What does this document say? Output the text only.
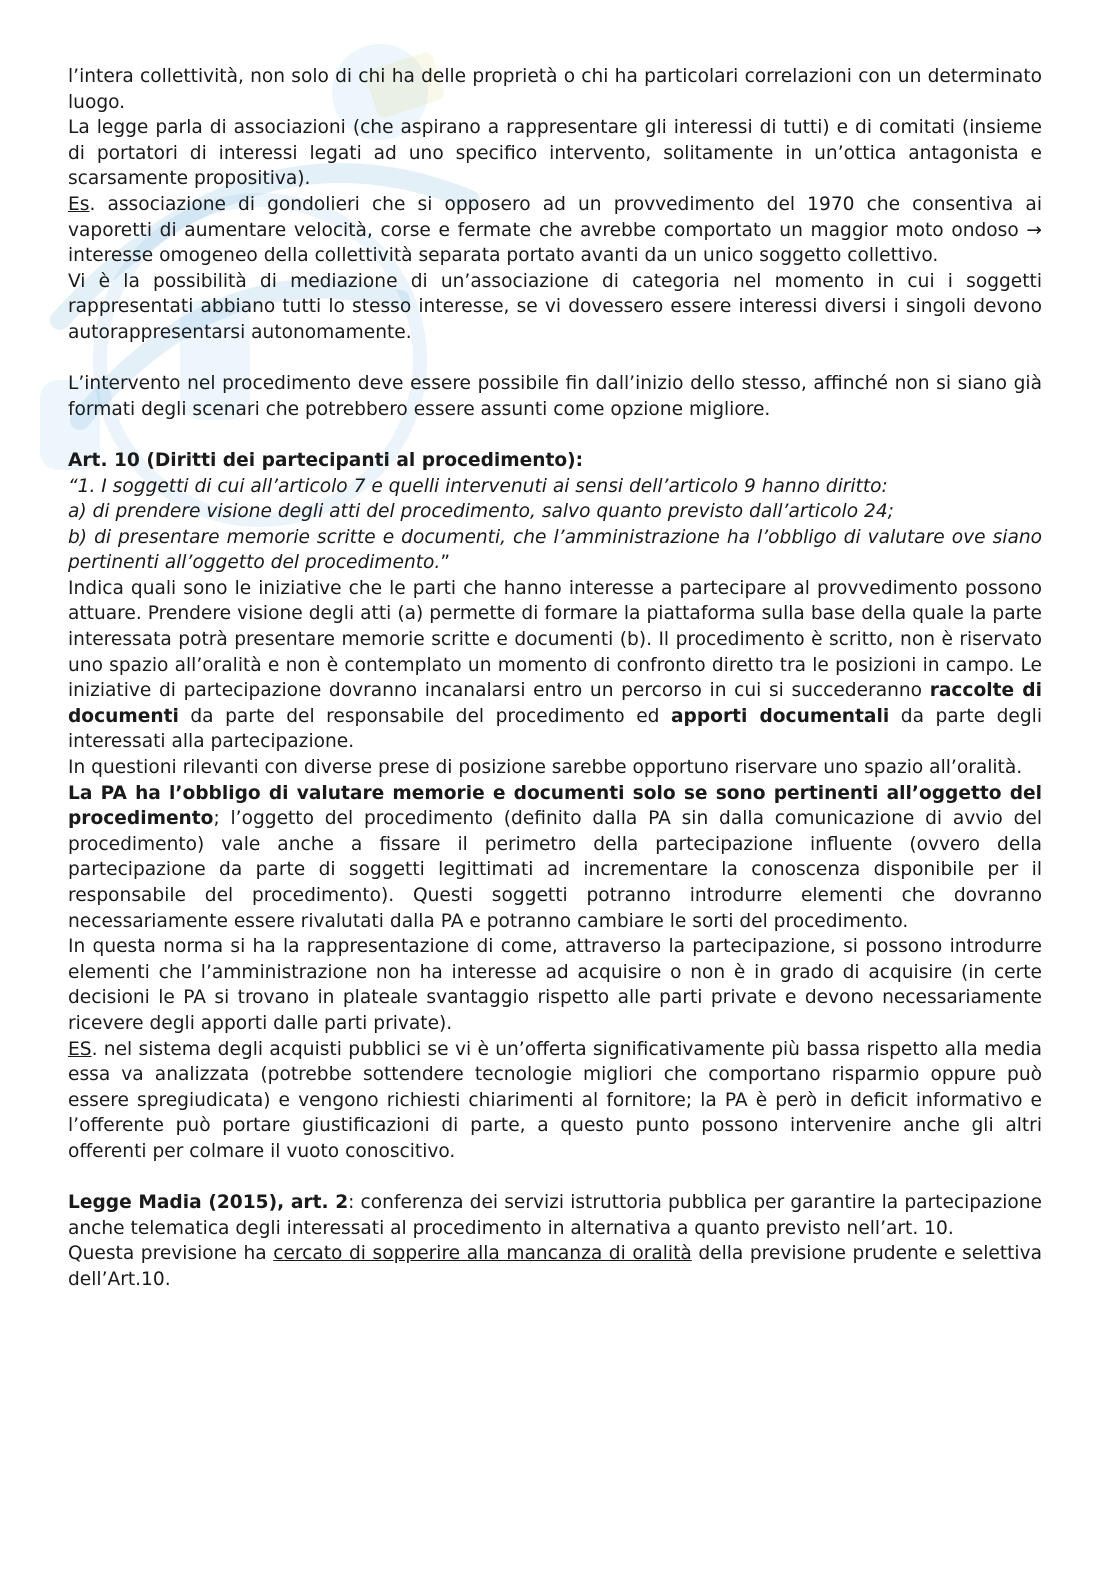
l’intera collettività, non solo di chi ha delle proprietà o chi ha particolari correlazioni con un determinato luogo.

La legge parla di associazioni (che aspirano a rappresentare gli interessi di tutti) e di comitati (insieme di portatori di interessi legati ad uno specifico intervento, solitamente in un’ottica antagonista e scarsamente propositiva).

Es. associazione di gondolieri che si opposero ad un provvedimento del 1970 che consentiva ai vaporetti di aumentare velocità, corse e fermate che avrebbe comportato un maggior moto ondoso → interesse omogeneo della collettività separata portato avanti da un unico soggetto collettivo.

Vi è la possibilità di mediazione di un’associazione di categoria nel momento in cui i soggetti rappresentati abbiano tutti lo stesso interesse, se vi dovessero essere interessi diversi i singoli devono autorappresentarsi autonomamente.

L’intervento nel procedimento deve essere possibile fin dall’inizio dello stesso, affinché non si siano già formati degli scenari che potrebbero essere assunti come opzione migliore.

Art. 10 (Diritti dei partecipanti al procedimento):

“1. I soggetti di cui all’articolo 7 e quelli intervenuti ai sensi dell’articolo 9 hanno diritto:
a) di prendere visione degli atti del procedimento, salvo quanto previsto dall’articolo 24;
b) di presentare memorie scritte e documenti, che l’amministrazione ha l’obbligo di valutare ove siano pertinenti all’oggetto del procedimento.”

Indica quali sono le iniziative che le parti che hanno interesse a partecipare al provvedimento possono attuare. Prendere visione degli atti (a) permette di formare la piattaforma sulla base della quale la parte interessata potrà presentare memorie scritte e documenti (b). Il procedimento è scritto, non è riservato uno spazio all’oralità e non è contemplato un momento di confronto diretto tra le posizioni in campo. Le iniziative di partecipazione dovranno incanalarsi entro un percorso in cui si succederanno raccolte di documenti da parte del responsabile del procedimento ed apporti documentali da parte degli interessati alla partecipazione.

In questioni rilevanti con diverse prese di posizione sarebbe opportuno riservare uno spazio all’oralità.

La PA ha l’obbligo di valutare memorie e documenti solo se sono pertinenti all’oggetto del procedimento; l’oggetto del procedimento (definito dalla PA sin dalla comunicazione di avvio del procedimento) vale anche a fissare il perimetro della partecipazione influente (ovvero della partecipazione da parte di soggetti legittimati ad incrementare la conoscenza disponibile per il responsabile del procedimento). Questi soggetti potranno introdurre elementi che dovranno necessariamente essere rivalutati dalla PA e potranno cambiare le sorti del procedimento.

In questa norma si ha la rappresentazione di come, attraverso la partecipazione, si possono introdurre elementi che l’amministrazione non ha interesse ad acquisire o non è in grado di acquisire (in certe decisioni le PA si trovano in plateale svantaggio rispetto alle parti private e devono necessariamente ricevere degli apporti dalle parti private).

ES. nel sistema degli acquisti pubblici se vi è un’offerta significativamente più bassa rispetto alla media essa va analizzata (potrebbe sottendere tecnologie migliori che comportano risparmio oppure può essere spregiudicata) e vengono richiesti chiarimenti al fornitore; la PA è però in deficit informativo e l’offerente può portare giustificazioni di parte, a questo punto possono intervenire anche gli altri offerenti per colmare il vuoto conoscitivo.

Legge Madia (2015), art. 2: conferenza dei servizi istruttoria pubblica per garantire la partecipazione anche telematica degli interessati al procedimento in alternativa a quanto previsto nell’art. 10.

Questa previsione ha cercato di sopperire alla mancanza di oralità della previsione prudente e selettiva dell’Art.10.
